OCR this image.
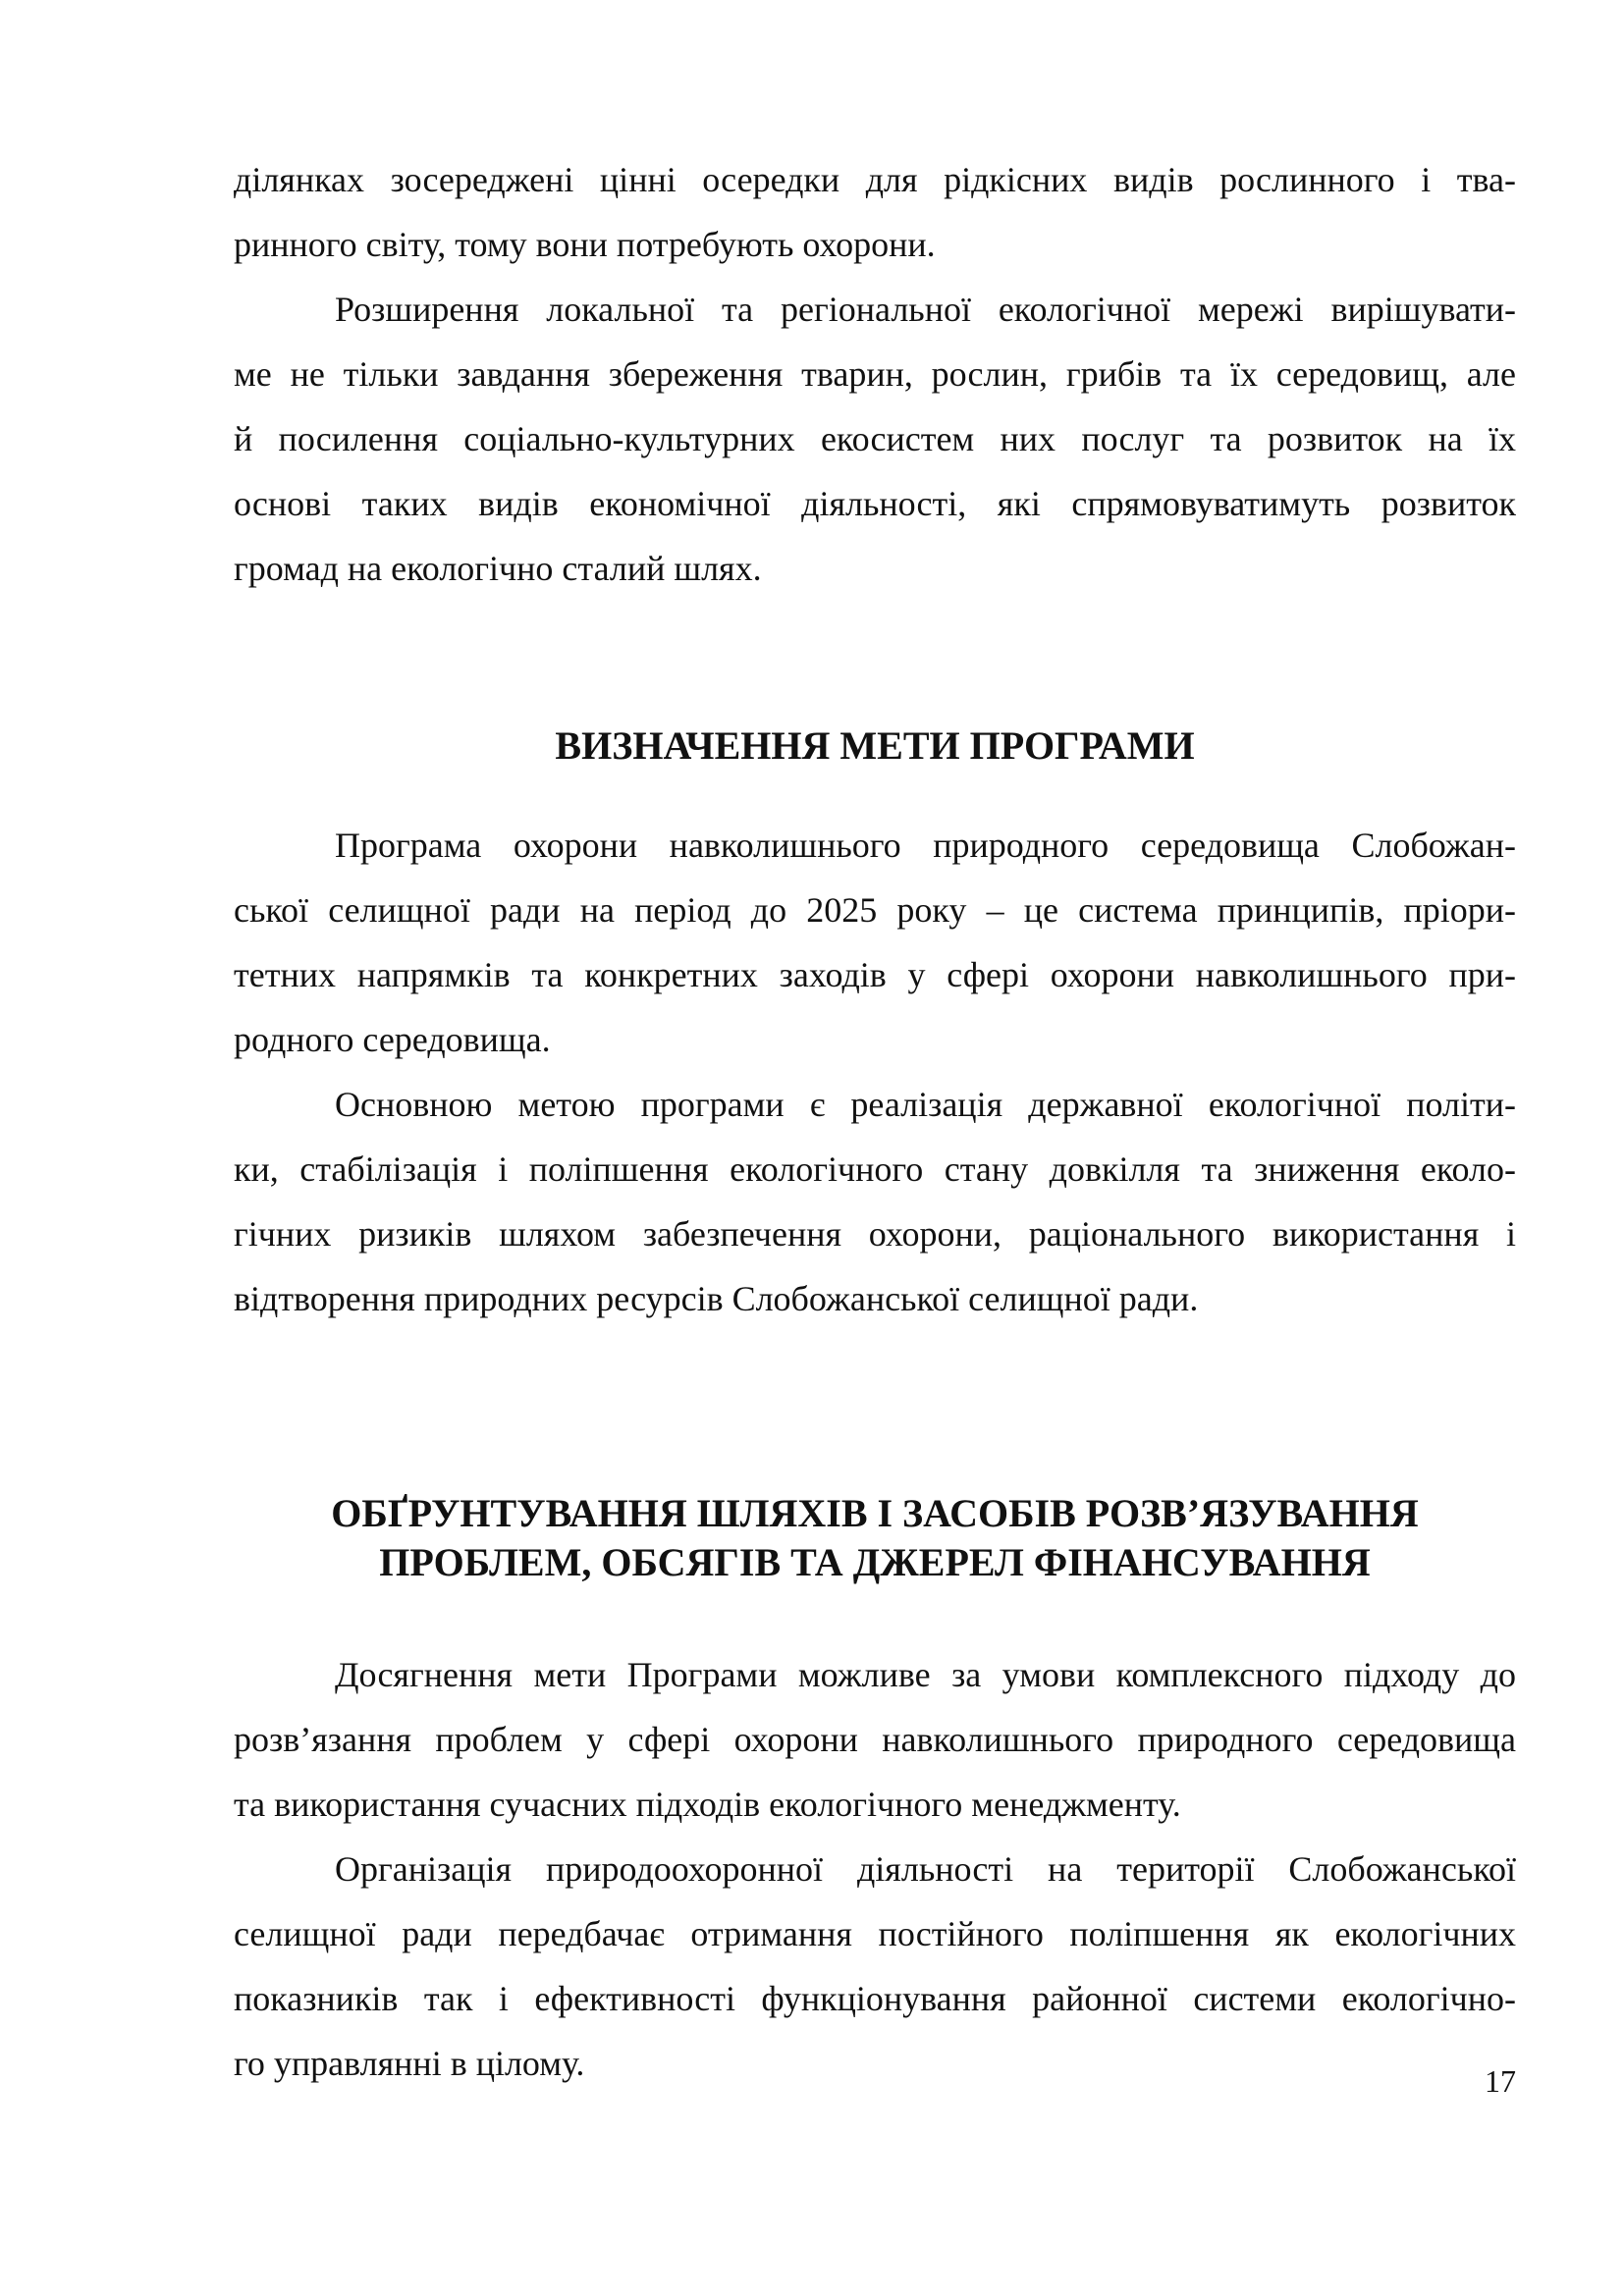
ділянках зосереджені цінні осередки для рідкісних видів рослинного і тва-
ринного світу, тому вони потребують охорони.
Розширення локальної та регіональної екологічної мережі вирішувати-
ме не тільки завдання збереження тварин, рослин, грибів та їх середовищ, але
й посилення соціально-культурних екосистем них послуг та розвиток на їх
основі таких видів економічної діяльності, які спрямовуватимуть розвиток
громад на екологічно сталий шлях.
ВИЗНАЧЕННЯ МЕТИ ПРОГРАМИ
Програма охорони навколишнього природного середовища Слобожан-
ської селищної ради на період до 2025 року – це система принципів, пріори-
тетних напрямків та конкретних заходів у сфері охорони навколишнього при-
родного середовища.
Основною метою програми є реалізація державної екологічної політи-
ки, стабілізація і поліпшення екологічного стану довкілля та зниження еколо-
гічних ризиків шляхом забезпечення охорони, раціонального використання і
відтворення природних ресурсів Слобожанської селищної ради.
ОБҐРУНТУВАННЯ ШЛЯХІВ І ЗАСОБІВ РОЗВ’ЯЗУВАННЯ
ПРОБЛЕМ, ОБСЯГІВ ТА ДЖЕРЕЛ ФІНАНСУВАННЯ
Досягнення мети Програми можливе за умови комплексного підходу до
розв’язання проблем у сфері охорони навколишнього природного середовища
та використання сучасних підходів екологічного менеджменту.
Організація природоохоронної діяльності на території Слобожанської
селищної ради передбачає отримання постійного поліпшення як екологічних
показників так і ефективності функціонування районної системи екологічно-
го управлянні в цілому.	17
